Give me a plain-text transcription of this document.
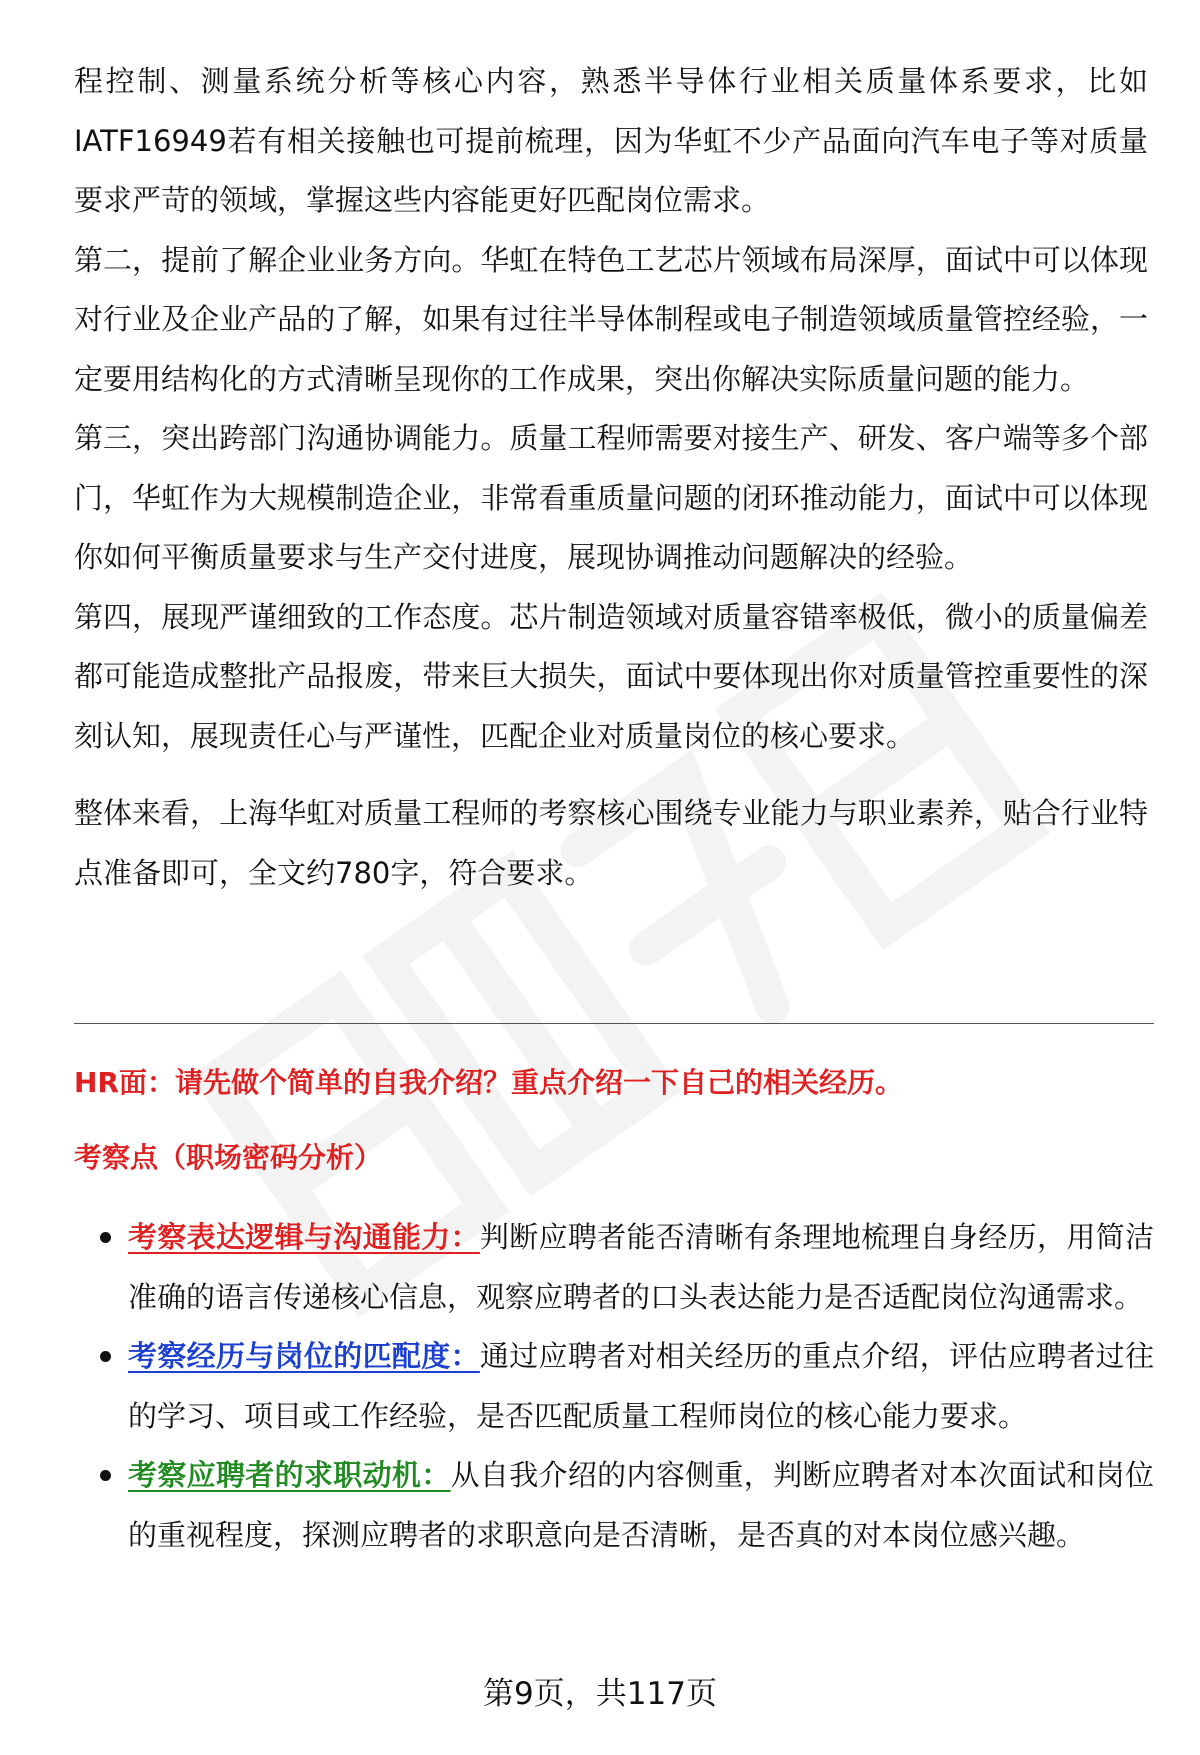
程控制、测量系统分析等核心内容，熟悉半导体行业相关质量体系要求，比如IATF16949若有相关接触也可提前梳理，因为华虹不少产品面向汽车电子等对质量要求严苛的领域，掌握这些内容能更好匹配岗位需求。

第二，提前了解企业业务方向。华虹在特色工艺芯片领域布局深厚，面试中可以体现对行业及企业产品的了解，如果有过往半导体制程或电子制造领域质量管控经验，一定要用结构化的方式清晰呈现你的工作成果，突出你解决实际质量问题的能力。

第三，突出跨部门沟通协调能力。质量工程师需要对接生产、研发、客户端等多个部门，华虹作为大规模制造企业，非常看重质量问题的闭环推动能力，面试中可以体现你如何平衡质量要求与生产交付进度，展现协调推动问题解决的经验。

第四，展现严谨细致的工作态度。芯片制造领域对质量容错率极低，微小的质量偏差都可能造成整批产品报废，带来巨大损失，面试中要体现出你对质量管控重要性的深刻认知，展现责任心与严谨性，匹配企业对质量岗位的核心要求。

整体来看，上海华虹对质量工程师的考察核心围绕专业能力与职业素养，贴合行业特点准备即可，全文约780字，符合要求。

HR面：请先做个简单的自我介绍？重点介绍一下自己的相关经历。
考察点（职场密码分析）

考察表达逻辑与沟通能力：判断应聘者能否清晰有条理地梳理自身经历，用简洁准确的语言传递核心信息，观察应聘者的口头表达能力是否适配岗位沟通需求。

考察经历与岗位的匹配度：通过应聘者对相关经历的重点介绍，评估应聘者过往的学习、项目或工作经验，是否匹配质量工程师岗位的核心能力要求。

考察应聘者的求职动机：从自我介绍的内容侧重，判断应聘者对本次面试和岗位的重视程度，探测应聘者的求职意向是否清晰，是否真的对本岗位感兴趣。

第9页，共117页
